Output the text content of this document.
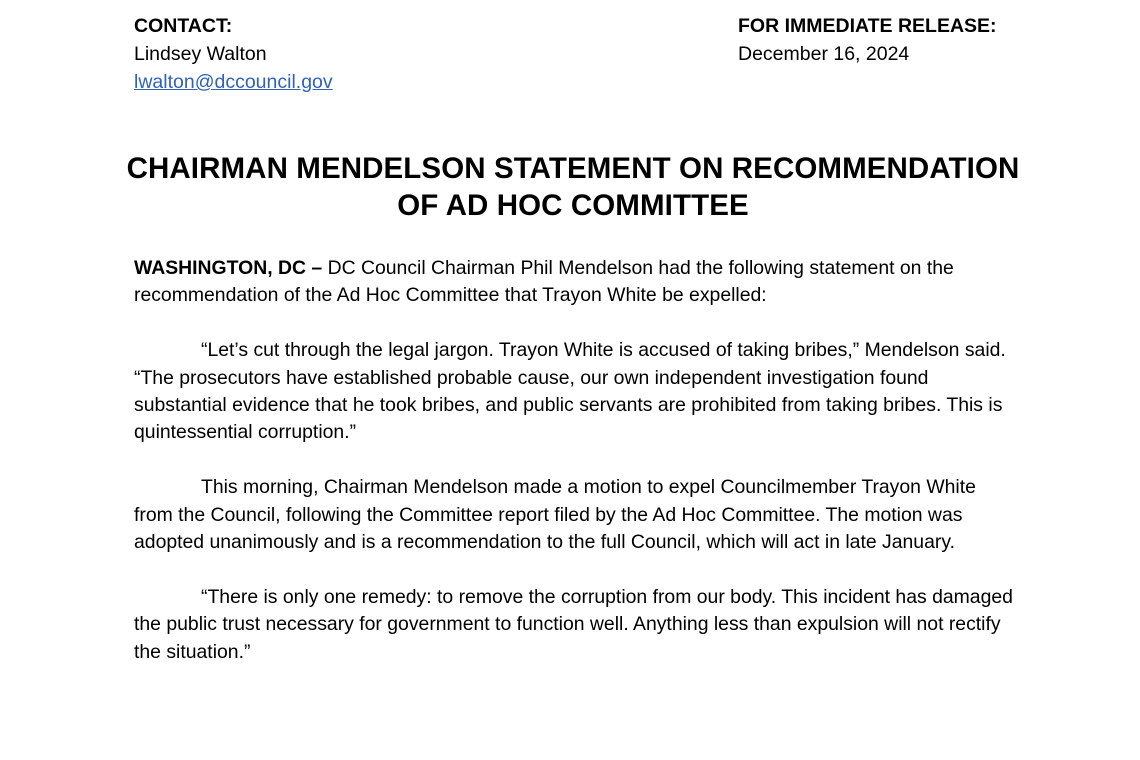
CONTACT:
Lindsey Walton
lwalton@dccouncil.gov
FOR IMMEDIATE RELEASE:
December 16, 2024
CHAIRMAN MENDELSON STATEMENT ON RECOMMENDATION
OF AD HOC COMMITTEE

WASHINGTON, DC – DC Council Chairman Phil Mendelson had the following statement on the recommendation of the Ad Hoc Committee that Trayon White be expelled:

“Let’s cut through the legal jargon. Trayon White is accused of taking bribes,” Mendelson said. “The prosecutors have established probable cause, our own independent investigation found substantial evidence that he took bribes, and public servants are prohibited from taking bribes. This is quintessential corruption.”

This morning, Chairman Mendelson made a motion to expel Councilmember Trayon White from the Council, following the Committee report filed by the Ad Hoc Committee. The motion was adopted unanimously and is a recommendation to the full Council, which will act in late January.

“There is only one remedy: to remove the corruption from our body. This incident has damaged the public trust necessary for government to function well. Anything less than expulsion will not rectify the situation.”
